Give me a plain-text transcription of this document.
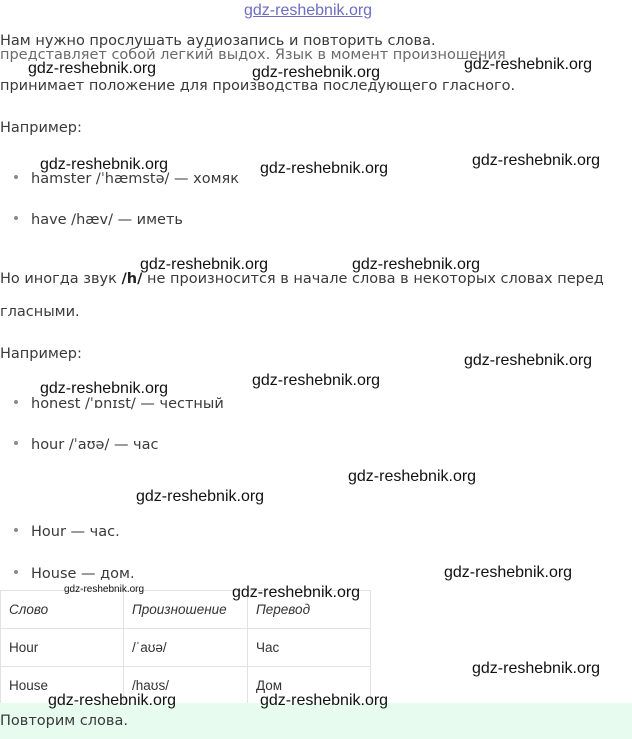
Нам нужно прослушать аудиозапись и повторить слова.
представляет собой легкий выдох. Язык в момент произношения
принимает положение для производства последующего гласного.
Например:
hamster /ˈhæmstə/ — хомяк
have /hæv/ — иметь
Но иногда звук /h/ не произносится в начале слова в некоторых словах перед
гласными.
Например:
honest /ˈɒnɪst/ — честный
hour /ˈaʊə/ — час
Hour — час.
House — дом.
Слово	Произношение	Перевод
Hour	/ˈaʊə/	Час
House	/haʊs/	Дом
Повторим слова.
gdz-reshebnik.org
gdz-reshebnik.org	gdz-reshebnik.org	gdz-reshebnik.org
gdz-reshebnik.org	gdz-reshebnik.org	gdz-reshebnik.org
gdz-reshebnik.org	gdz-reshebnik.org
gdz-reshebnik.org
gdz-reshebnik.org
gdz-reshebnik.org
gdz-reshebnik.org
gdz-reshebnik.org
gdz-reshebnik.org
gdz-reshebnik.org	gdz-reshebnik.org
gdz-reshebnik.org
gdz-reshebnik.org	gdz-reshebnik.org
